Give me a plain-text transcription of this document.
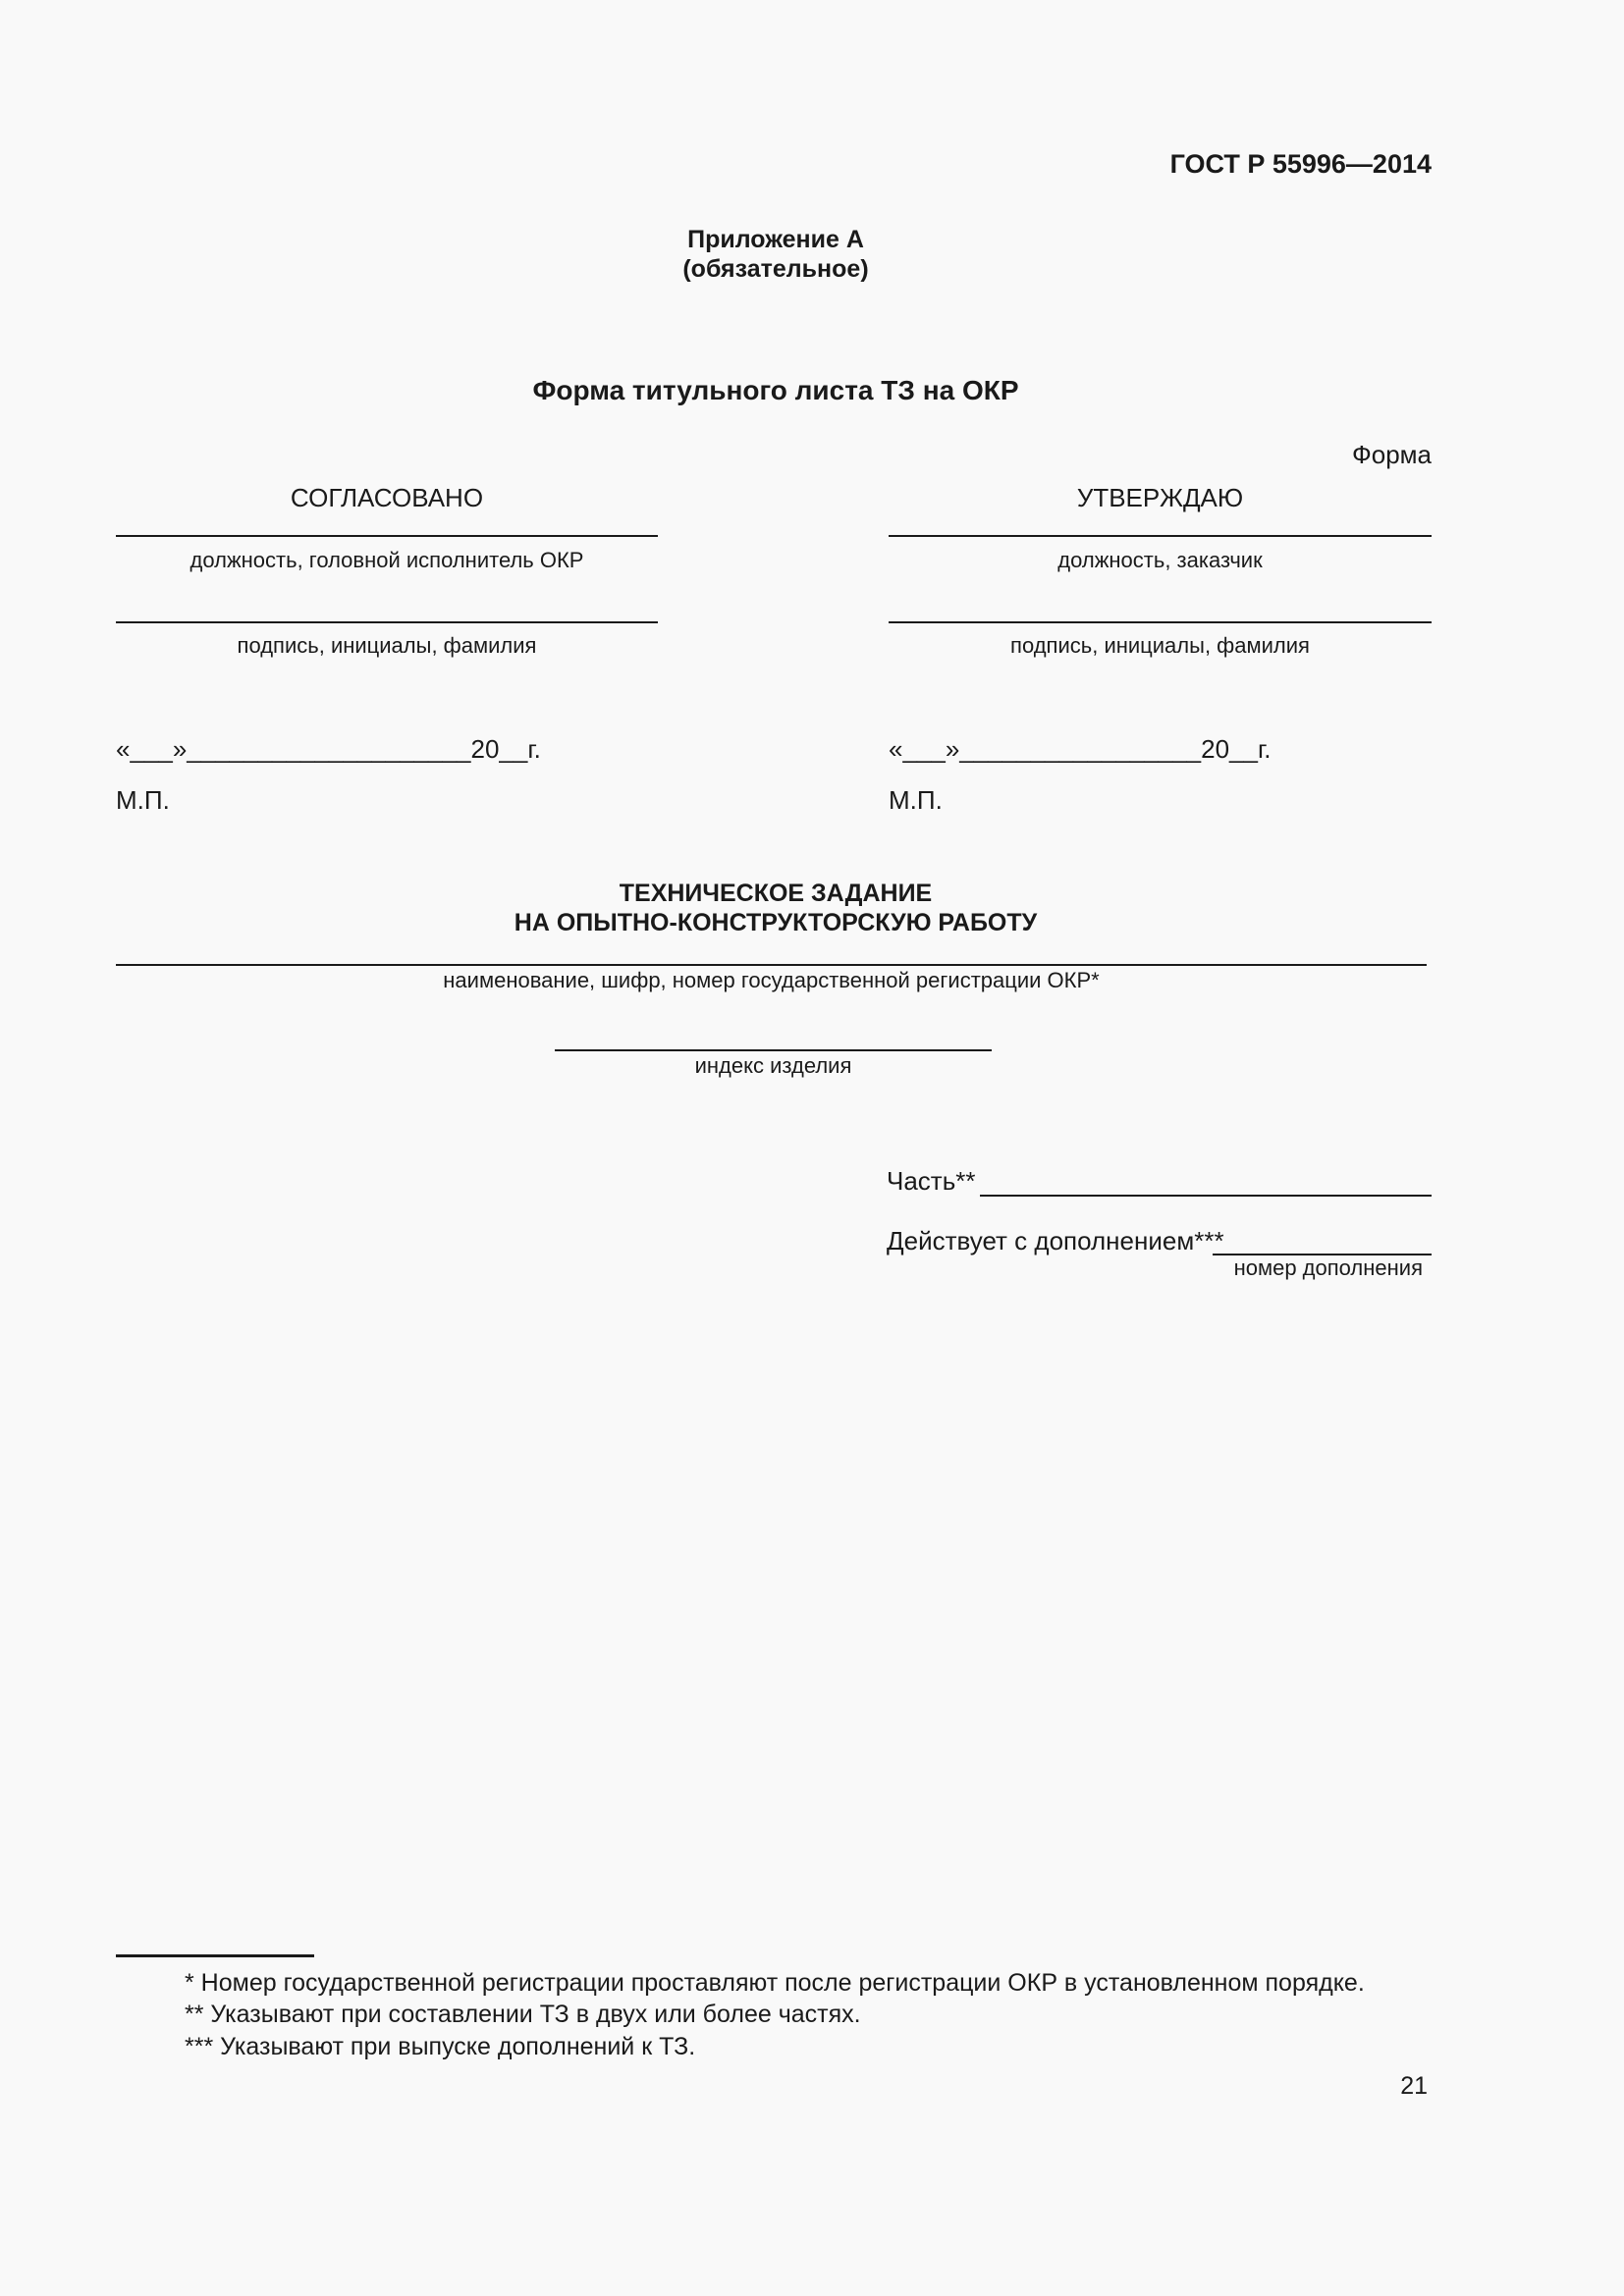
ГОСТ Р 55996—2014
Приложение А
(обязательное)
Форма титульного листа ТЗ на ОКР
Форма
СОГЛАСОВАНО
должность, головной исполнитель ОКР
подпись, инициалы, фамилия
«___»____________________20__г.
М.П.
УТВЕРЖДАЮ
должность, заказчик
подпись, инициалы, фамилия
«___»_________________20__г.
М.П.
ТЕХНИЧЕСКОЕ ЗАДАНИЕ
НА ОПЫТНО-КОНСТРУКТОРСКУЮ РАБОТУ
наименование, шифр, номер государственной регистрации ОКР*
индекс изделия
Часть**
Действует с дополнением***
номер дополнения
* Номер государственной регистрации проставляют после регистрации ОКР в установленном порядке.
** Указывают при составлении ТЗ в двух или более частях.
*** Указывают при выпуске дополнений к ТЗ.
21
